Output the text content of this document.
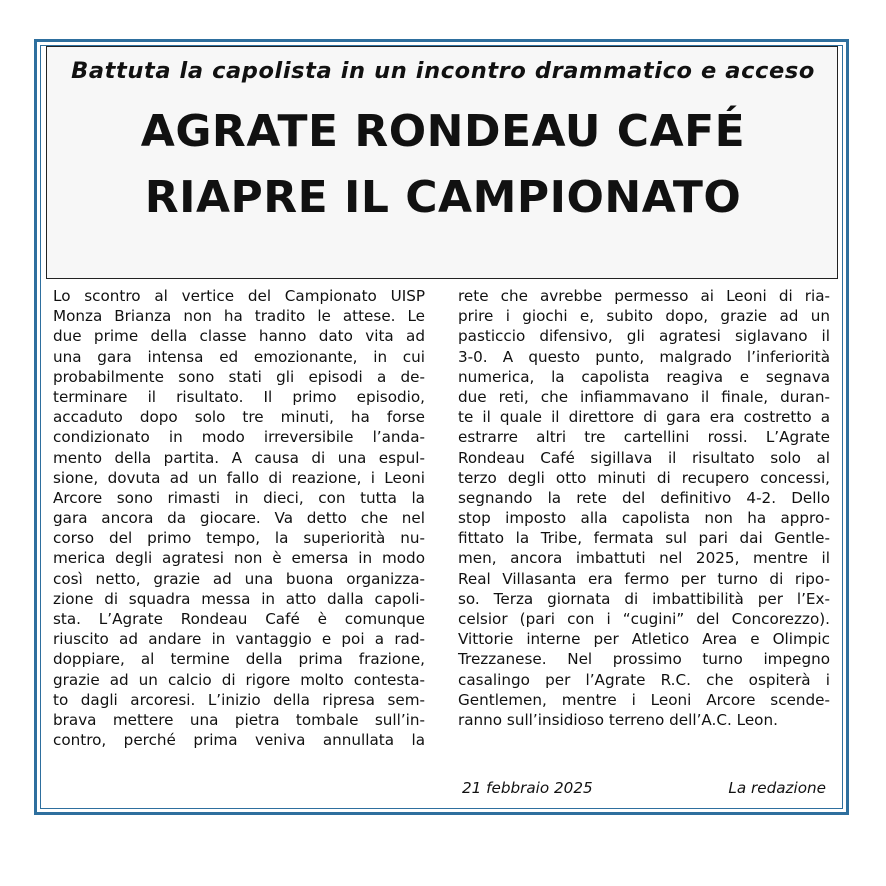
Battuta la capolista in un incontro drammatico e acceso
AGRATE RONDEAU CAFÉ
RIAPRE IL CAMPIONATO
Lo scontro al vertice del Campionato UISP
Monza Brianza non ha tradito le attese. Le
due prime della classe hanno dato vita ad
una gara intensa ed emozionante, in cui
probabilmente sono stati gli episodi a de-
terminare il risultato. Il primo episodio,
accaduto dopo solo tre minuti, ha forse
condizionato in modo irreversibile l’anda-
mento della partita. A causa di una espul-
sione, dovuta ad un fallo di reazione, i Leoni
Arcore sono rimasti in dieci, con tutta la
gara ancora da giocare. Va detto che nel
corso del primo tempo, la superiorità nu-
merica degli agratesi non è emersa in modo
così netto, grazie ad una buona organizza-
zione di squadra messa in atto dalla capoli-
sta. L’Agrate Rondeau Café è comunque
riuscito ad andare in vantaggio e poi a rad-
doppiare, al termine della prima frazione,
grazie ad un calcio di rigore molto contesta-
to dagli arcoresi. L’inizio della ripresa sem-
brava mettere una pietra tombale sull’in-
contro, perché prima veniva annullata la
rete che avrebbe permesso ai Leoni di ria-
prire i giochi e, subito dopo, grazie ad un
pasticcio difensivo, gli agratesi siglavano il
3-0. A questo punto, malgrado l’inferiorità
numerica, la capolista reagiva e segnava
due reti, che infiammavano il finale, duran-
te il quale il direttore di gara era costretto a
estrarre altri tre cartellini rossi. L’Agrate
Rondeau Café sigillava il risultato solo al
terzo degli otto minuti di recupero concessi,
segnando la rete del definitivo 4-2. Dello
stop imposto alla capolista non ha appro-
fittato la Tribe, fermata sul pari dai Gentle-
men, ancora imbattuti nel 2025, mentre il
Real Villasanta era fermo per turno di ripo-
so. Terza giornata di imbattibilità per l’Ex-
celsior (pari con i “cugini” del Concorezzo).
Vittorie interne per Atletico Area e Olimpic
Trezzanese. Nel prossimo turno impegno
casalingo per l’Agrate R.C. che ospiterà i
Gentlemen, mentre i Leoni Arcore scende-
ranno sull’insidioso terreno dell’A.C. Leon.
21 febbraio 2025	La redazione
